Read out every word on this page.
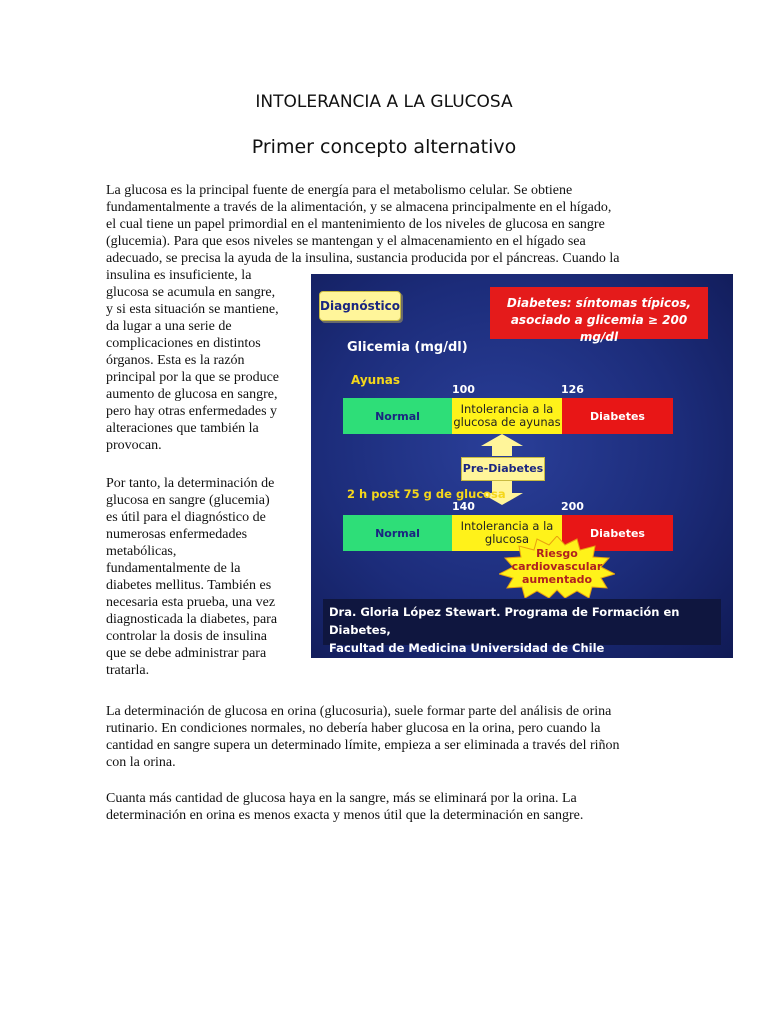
INTOLERANCIA A LA GLUCOSA
Primer concepto alternativo
La glucosa es la principal fuente de energía para el metabolismo celular. Se obtiene
fundamentalmente a través de la alimentación, y se almacena principalmente en el hígado,
el cual tiene un papel primordial en el mantenimiento de los niveles de glucosa en sangre
(glucemia). Para que esos niveles se mantengan y el almacenamiento en el hígado sea
adecuado, se precisa la ayuda de la insulina, sustancia producida por el páncreas. Cuando la
insulina es insuficiente, la
glucosa se acumula en sangre,
y si esta situación se mantiene,
da lugar a una serie de
complicaciones en distintos
órganos. Esta es la razón
principal por la que se produce
aumento de glucosa en sangre,
pero hay otras enfermedades y
alteraciones que también la
provocan.
Por tanto, la determinación de
glucosa en sangre (glucemia)
es útil para el diagnóstico de
numerosas enfermedades
metabólicas,
fundamentalmente de la
diabetes mellitus. También es
necesaria esta prueba, una vez
diagnosticada la diabetes, para
controlar la dosis de insulina
que se debe administrar para
tratarla.
La determinación de glucosa en orina (glucosuria), suele formar parte del análisis de orina
rutinario. En condiciones normales, no debería haber glucosa en la orina, pero cuando la
cantidad en sangre supera un determinado límite, empieza a ser eliminada a través del riñon
con la orina.
Cuanta más cantidad de glucosa haya en la sangre, más se eliminará por la orina. La
determinación en orina es menos exacta y menos útil que la determinación en sangre.
Diagnóstico	Diabetes: síntomas típicos,
asociado a glicemia ≥ 200 mg/dl
Glicemia (mg/dl)
Ayunas
100	126
Normal	Intolerancia a la
glucosa de ayunas	Diabetes
Pre-Diabetes
2 h post 75 g de glucosa
140	200
Normal	Intolerancia a la
glucosa	Diabetes
Riesgo
cardiovascular
aumentado
Dra. Gloria López Stewart. Programa de Formación en Diabetes,
Facultad de Medicina Universidad de Chile
